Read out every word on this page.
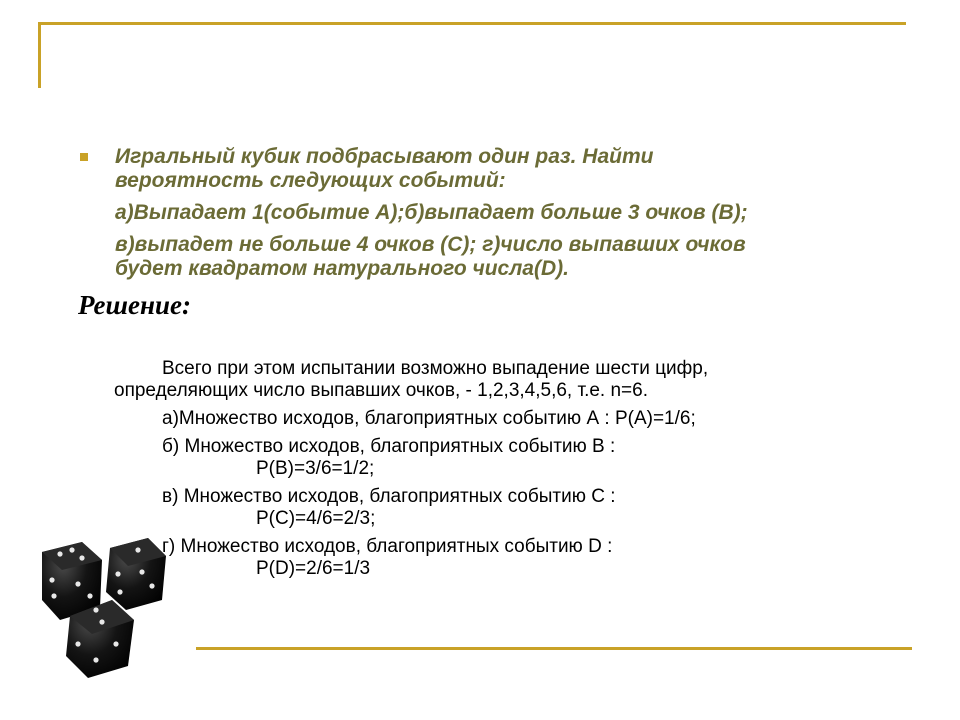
Игральный кубик подбрасывают один раз. Найти

вероятность следующих событий:

а)Выпадает 1(событие А);б)выпадает больше 3 очков (В);

в)выпадет не больше 4 очков (С); г)число выпавших очков

будет квадратом натурального числа(D).

Решение:
Всего при этом испытании возможно выпадение шести цифр,
определяющих число выпавших очков, - 1,2,3,4,5,6, т.е. n=6.
а)Множество исходов, благоприятных событию А : Р(А)=1/6;
б) Множество исходов, благоприятных событию В :
Р(В)=3/6=1/2;
в) Множество исходов, благоприятных событию С :
Р(С)=4/6=2/3;
г) Множество исходов, благоприятных событию D :
Р(D)=2/6=1/3
